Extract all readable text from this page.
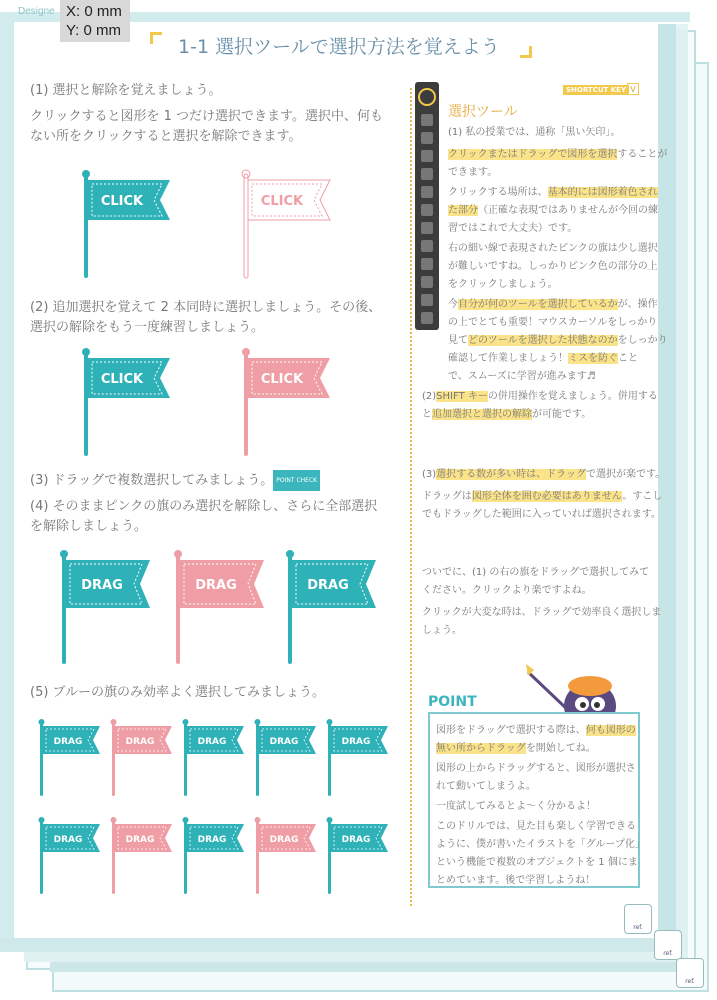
Designe X: 0 mm
Y: 0 mm
1-1 選択ツールで選択方法を覚えよう
(1) 選択と解除を覚えましょう。
クリックすると図形を 1 つだけ選択できます。選択中、何も
ない所をクリックすると選択を解除できます。
CLICK	CLICK
(2) 追加選択を覚えて 2 本同時に選択しましょう。その後、
選択の解除をもう一度練習しましょう。
CLICK	CLICK
(3) ドラッグで複数選択してみましょう。 POINT CHECK
(4) そのままピンクの旗のみ選択を解除し、さらに全部選択
を解除しましょう。
DRAG	DRAG	DRAG
(5) ブルーの旗のみ効率よく選択してみましょう。
DRAG	DRAG	DRAG	DRAG	DRAG
DRAG	DRAG	DRAG	DRAG	DRAG
SHORTCUT KEY V
選択ツール
(1) 私の授業では、通称「黒い矢印」。
クリックまたはドラッグで図形を選択することが
できます。
クリックする場所は、基本的には図形着色され
た部分（正確な表現ではありませんが今回の練
習ではこれで大丈夫）です。
右の細い線で表現されたピンクの旗は少し選択
が難しいですね。しっかりピンク色の部分の上
をクリックしましょう。
今自分が何のツールを選択しているかが、操作
の上でとても重要！マウスカーソルをしっかり
見てどのツールを選択した状態なのかをしっかり
確認して作業しましょう！ミスを防ぐこと
で、スムーズに学習が進みます♬
(2)SHIFT キーの併用操作を覚えましょう。併用する
と追加選択と選択の解除が可能です。
(3)選択する数が多い時は、ドラッグで選択が楽です。
ドラッグは図形全体を囲む必要はありません。すこし
でもドラッグした範囲に入っていれば選択されます。
ついでに、(1) の右の旗をドラッグで選択してみて
ください。クリックより楽ですよね。
クリックが大変な時は、ドラッグで効率良く選択しま
しょう。
POINT
図形をドラッグで選択する際は、何も図形の
無い所からドラッグを開始してね。
図形の上からドラッグすると、図形が選択さ
れて動いてしまうよ。
一度試してみるとよ〜く分かるよ！
このドリルでは、見た目も楽しく学習できる
ように、僕が書いたイラストを「グループ化」
という機能で複数のオブジェクトを 1 個にま
とめています。後で学習しようね！
ref.
ref.
ref.
